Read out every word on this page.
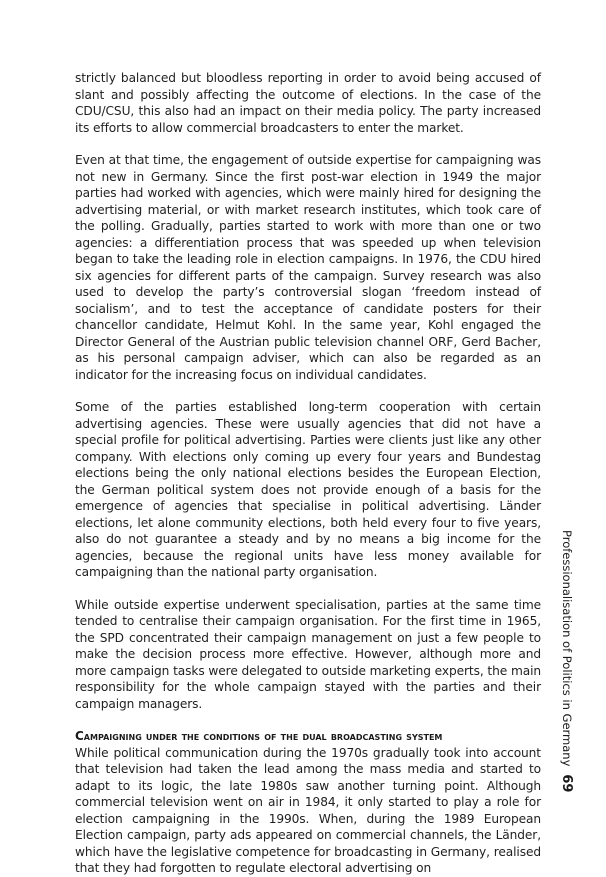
strictly balanced but bloodless reporting in order to avoid being accused of slant and possibly affecting the outcome of elections. In the case of the CDU/CSU, this also had an impact on their media policy. The party increased its efforts to allow commercial broadcasters to enter the market.

Even at that time, the engagement of outside expertise for campaigning was not new in Germany. Since the first post-war election in 1949 the major parties had worked with agencies, which were mainly hired for designing the advertising material, or with market research institutes, which took care of the polling. Gradually, parties started to work with more than one or two agencies: a differentiation process that was speeded up when television began to take the leading role in election campaigns. In 1976, the CDU hired six agencies for different parts of the campaign. Survey research was also used to develop the party’s controversial slogan ‘freedom instead of socialism’, and to test the acceptance of candidate posters for their chancellor candidate, Helmut Kohl. In the same year, Kohl engaged the Director General of the Austrian public television channel ORF, Gerd Bacher, as his personal campaign adviser, which can also be regarded as an indicator for the increasing focus on individual candidates.

Some of the parties established long-term cooperation with certain advertising agencies. These were usually agencies that did not have a special profile for political advertising. Parties were clients just like any other company. With elections only coming up every four years and Bundestag elections being the only national elections besides the European Election, the German political system does not provide enough of a basis for the emergence of agencies that specialise in political advertising. Länder elections, let alone community elections, both held every four to five years, also do not guarantee a steady and by no means a big income for the agencies, because the regional units have less money available for campaigning than the national party organisation.

While outside expertise underwent specialisation, parties at the same time tended to centralise their campaign organisation. For the first time in 1965, the SPD concentrated their campaign management on just a few people to make the decision process more effective. However, although more and more campaign tasks were delegated to outside marketing experts, the main responsibility for the whole campaign stayed with the parties and their campaign managers.

Campaigning under the conditions of the dual broadcasting system

While political communication during the 1970s gradually took into account that television had taken the lead among the mass media and started to adapt to its logic, the late 1980s saw another turning point. Although commercial television went on air in 1984, it only started to play a role for election campaigning in the 1990s. When, during the 1989 European Election campaign, party ads appeared on commercial channels, the Länder, which have the legislative competence for broadcasting in Germany, realised that they had forgotten to regulate electoral advertising on

Professionalisation of Politics in Germany69
